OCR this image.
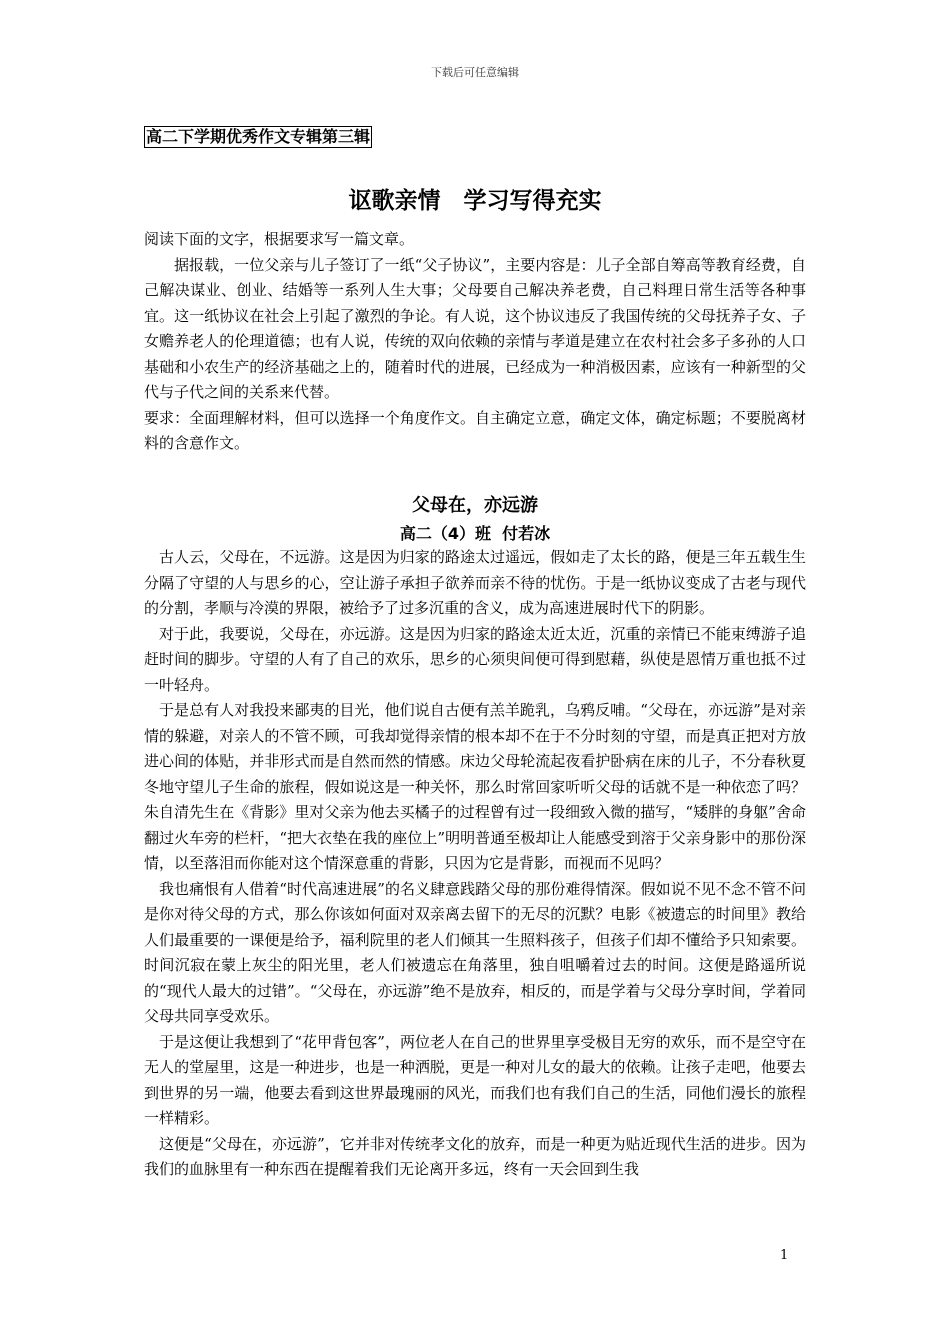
下载后可任意编辑
高二下学期优秀作文专辑第三辑
讴歌亲情　学习写得充实

阅读下面的文字，根据要求写一篇文章。

据报载，一位父亲与儿子签订了一纸“父子协议”，主要内容是：儿子全部自筹高等教育经费，自己解决谋业、创业、结婚等一系列人生大事；父母要自己解决养老费，自己料理日常生活等各种事宜。这一纸协议在社会上引起了激烈的争论。有人说，这个协议违反了我国传统的父母抚养子女、子女赡养老人的伦理道德；也有人说，传统的双向依赖的亲情与孝道是建立在农村社会多子多孙的人口基础和小农生产的经济基础之上的，随着时代的进展，已经成为一种消极因素，应该有一种新型的父代与子代之间的关系来代替。

要求：全面理解材料，但可以选择一个角度作文。自主确定立意，确定文体，确定标题；不要脱离材料的含意作文。

父母在，亦远游
高二（4）班  付若冰

古人云，父母在，不远游。这是因为归家的路途太过遥远，假如走了太长的路，便是三年五载生生分隔了守望的人与思乡的心，空让游子承担子欲养而亲不待的忧伤。于是一纸协议变成了古老与现代的分割，孝顺与冷漠的界限，被给予了过多沉重的含义，成为高速进展时代下的阴影。

对于此，我要说，父母在，亦远游。这是因为归家的路途太近太近，沉重的亲情已不能束缚游子追赶时间的脚步。守望的人有了自己的欢乐，思乡的心须臾间便可得到慰藉，纵使是恩情万重也抵不过一叶轻舟。

于是总有人对我投来鄙夷的目光，他们说自古便有羔羊跪乳，乌鸦反哺。“父母在，亦远游”是对亲情的躲避，对亲人的不管不顾，可我却觉得亲情的根本却不在于不分时刻的守望，而是真正把对方放进心间的体贴，并非形式而是自然而然的情感。床边父母轮流起夜看护卧病在床的儿子，不分春秋夏冬地守望儿子生命的旅程，假如说这是一种关怀，那么时常回家听听父母的话就不是一种依恋了吗？朱自清先生在《背影》里对父亲为他去买橘子的过程曾有过一段细致入微的描写，“矮胖的身躯”舍命翻过火车旁的栏杆，“把大衣垫在我的座位上”明明普通至极却让人能感受到溶于父亲身影中的那份深情，以至落泪而你能对这个情深意重的背影，只因为它是背影，而视而不见吗？

我也痛恨有人借着“时代高速进展”的名义肆意践踏父母的那份难得情深。假如说不见不念不管不问是你对待父母的方式，那么你该如何面对双亲离去留下的无尽的沉默？电影《被遗忘的时间里》教给人们最重要的一课便是给予，福利院里的老人们倾其一生照料孩子，但孩子们却不懂给予只知索要。时间沉寂在蒙上灰尘的阳光里，老人们被遗忘在角落里，独自咀嚼着过去的时间。这便是路遥所说的“现代人最大的过错”。“父母在，亦远游”绝不是放弃，相反的，而是学着与父母分享时间，学着同父母共同享受欢乐。

于是这便让我想到了“花甲背包客”，两位老人在自己的世界里享受极目无穷的欢乐，而不是空守在无人的堂屋里，这是一种进步，也是一种洒脱，更是一种对儿女的最大的依赖。让孩子走吧，他要去到世界的另一端，他要去看到这世界最瑰丽的风光，而我们也有我们自己的生活，同他们漫长的旅程一样精彩。

这便是“父母在，亦远游”，它并非对传统孝文化的放弃，而是一种更为贴近现代生活的进步。因为我们的血脉里有一种东西在提醒着我们无论离开多远，终有一天会回到生我

1
